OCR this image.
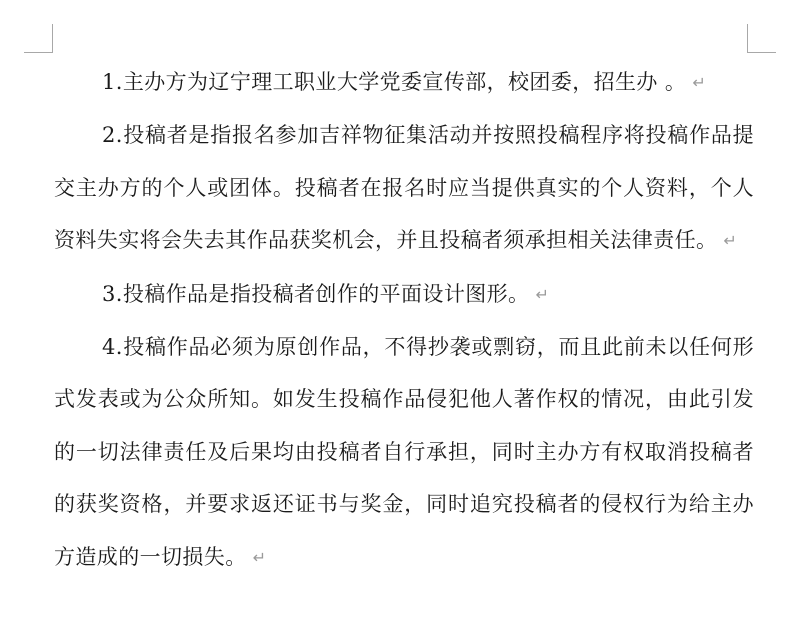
1.主办方为辽宁理工职业大学党委宣传部，校团委，招生办 。 ↵

2.投稿者是指报名参加吉祥物征集活动并按照投稿程序将投稿作品提交主办方的个人或团体。投稿者在报名时应当提供真实的个人资料，个人资料失实将会失去其作品获奖机会，并且投稿者须承担相关法律责任。 ↵

3.投稿作品是指投稿者创作的平面设计图形。 ↵

4.投稿作品必须为原创作品，不得抄袭或剽窃，而且此前未以任何形式发表或为公众所知。如发生投稿作品侵犯他人著作权的情况，由此引发的一切法律责任及后果均由投稿者自行承担，同时主办方有权取消投稿者的获奖资格，并要求返还证书与奖金，同时追究投稿者的侵权行为给主办方造成的一切损失。 ↵
